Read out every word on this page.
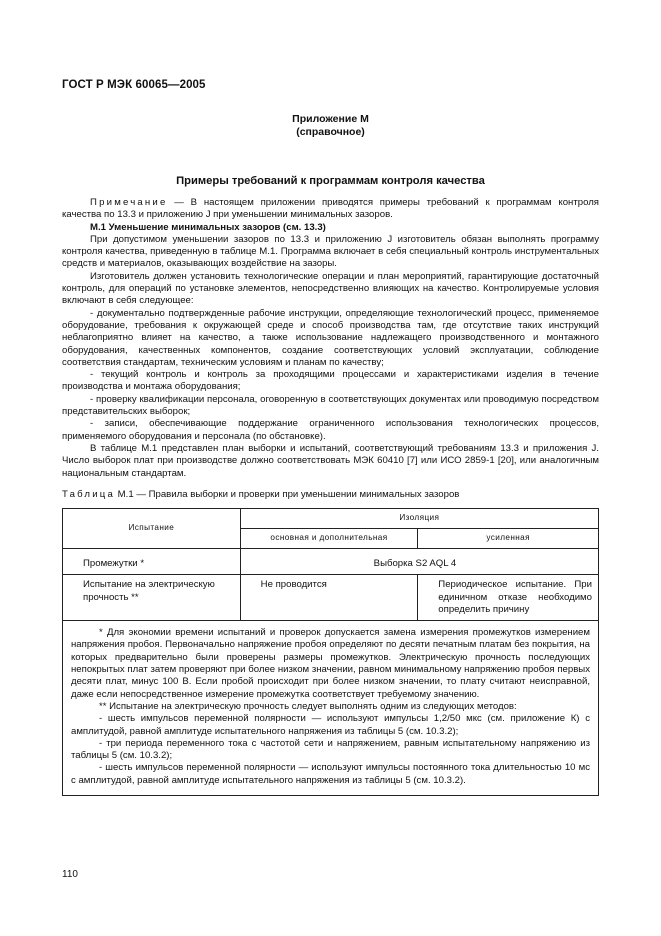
ГОСТ Р МЭК 60065—2005
Приложение М
(справочное)
Примеры требований к программам контроля качества

Примечание — В настоящем приложении приводятся примеры требований к программам контроля качества по 13.3 и приложению J при уменьшении минимальных зазоров.

М.1 Уменьшение минимальных зазоров (см. 13.3)

При допустимом уменьшении зазоров по 13.3 и приложению J изготовитель обязан выполнять программу контроля качества, приведенную в таблице М.1. Программа включает в себя специальный контроль инструментальных средств и материалов, оказывающих воздействие на зазоры.

Изготовитель должен установить технологические операции и план мероприятий, гарантирующие достаточный контроль, для операций по установке элементов, непосредственно влияющих на качество. Контролируемые условия включают в себя следующее:

- документально подтвержденные рабочие инструкции, определяющие технологический процесс, применяемое оборудование, требования к окружающей среде и способ производства там, где отсутствие таких инструкций неблагоприятно влияет на качество, а также использование надлежащего производственного и монтажного оборудования, качественных компонентов, создание соответствующих условий эксплуатации, соблюдение соответствия стандартам, техническим условиям и планам по качеству;

- текущий контроль и контроль за проходящими процессами и характеристиками изделия в течение производства и монтажа оборудования;

- проверку квалификации персонала, оговоренную в соответствующих документах или проводимую посредством представительских выборок;

- записи, обеспечивающие поддержание ограниченного использования технологических процессов, применяемого оборудования и персонала (по обстановке).

В таблице М.1 представлен план выборки и испытаний, соответствующий требованиям 13.3 и приложения J. Число выборок плат при производстве должно соответствовать МЭК 60410 [7] или ИСО 2859-1 [20], или аналогичным национальным стандартам.

Таблица М.1 — Правила выборки и проверки при уменьшении минимальных зазоров
Испытание	Изоляция	
	основная и дополнительная	усиленная
Промежутки *	Выборка S2 AQL 4	
Испытание на электрическую прочность **	Не проводится	Периодическое испытание. При единичном отказе необходимо определить причину

* Для экономии времени испытаний и проверок допускается замена измерения промежутков измерением напряжения пробоя. Первоначально напряжение пробоя определяют по десяти печатным платам без покрытия, на которых предварительно были проверены размеры промежутков. Электрическую прочность последующих непокрытых плат затем проверяют при более низком значении, равном минимальному напряжению пробоя первых десяти плат, минус 100 В. Если пробой происходит при более низком значении, то плату считают неисправной, даже если непосредственное измерение промежутка соответствует требуемому значению.

** Испытание на электрическую прочность следует выполнять одним из следующих методов:

- шесть импульсов переменной полярности — используют импульсы 1,2/50 мкс (см. приложение К) с амплитудой, равной амплитуде испытательного напряжения из таблицы 5 (см. 10.3.2);

- три периода переменного тока с частотой сети и напряжением, равным испытательному напряжению из таблицы 5 (см. 10.3.2);

- шесть импульсов переменной полярности — используют импульсы постоянного тока длительностью 10 мс с амплитудой, равной амплитуде испытательного напряжения из таблицы 5 (см. 10.3.2).		

110
